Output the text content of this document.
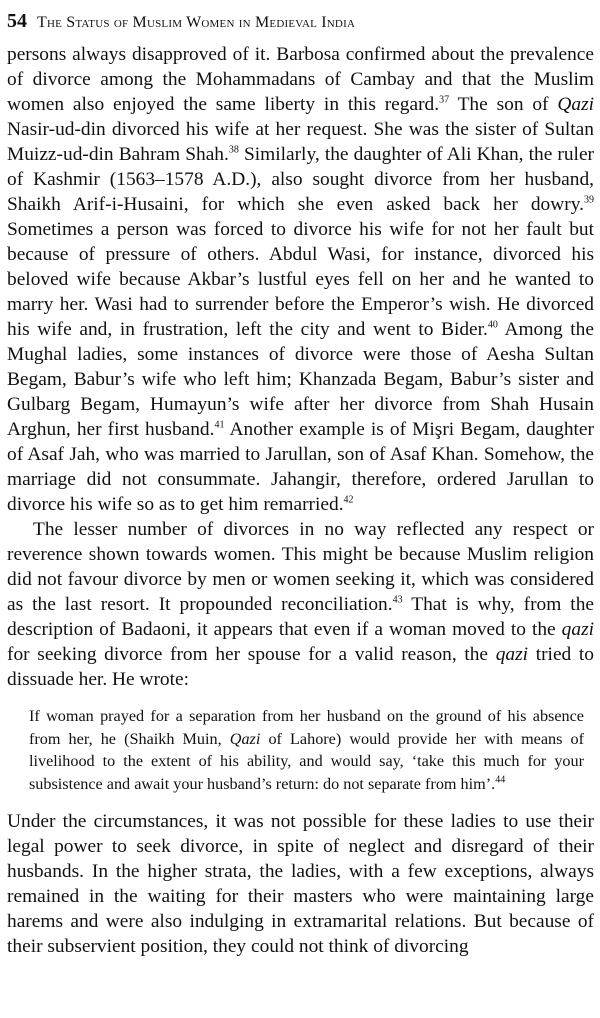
54 The Status of Muslim Women in Medieval India

persons always disapproved of it. Barbosa confirmed about the prevalence of divorce among the Mohammadans of Cambay and that the Muslim women also enjoyed the same liberty in this regard.$^{37}$ The son of Qazi Nasir-ud-din divorced his wife at her request. She was the sister of Sultan Muizz-ud-din Bahram Shah.$^{38}$ Similarly, the daughter of Ali Khan, the ruler of Kashmir (1563–1578 A.D.), also sought divorce from her husband, Shaikh Arif-i-Husaini, for which she even asked back her dowry.$^{39}$ Sometimes a person was forced to divorce his wife for not her fault but because of pressure of others. Abdul Wasi, for instance, divorced his beloved wife because Akbar’s lustful eyes fell on her and he wanted to marry her. Wasi had to surrender before the Emperor’s wish. He divorced his wife and, in frustration, left the city and went to Bider.$^{40}$ Among the Mughal ladies, some instances of divorce were those of Aesha Sultan Begam, Babur’s wife who left him; Khanzada Begam, Babur’s sister and Gulbarg Begam, Humayun’s wife after her divorce from Shah Husain Arghun, her first husband.$^{41}$ Another example is of Mişri Begam, daughter of Asaf Jah, who was married to Jarullan, son of Asaf Khan. Somehow, the marriage did not consummate. Jahangir, therefore, ordered Jarullan to divorce his wife so as to get him remarried.$^{42}$

The lesser number of divorces in no way reflected any respect or reverence shown towards women. This might be because Muslim religion did not favour divorce by men or women seeking it, which was considered as the last resort. It propounded reconciliation.$^{43}$ That is why, from the description of Badaoni, it appears that even if a woman moved to the qazi for seeking divorce from her spouse for a valid reason, the qazi tried to dissuade her. He wrote:

If woman prayed for a separation from her husband on the ground of his absence from her, he (Shaikh Muin, Qazi of Lahore) would provide her with means of livelihood to the extent of his ability, and would say, ‘take this much for your subsistence and await your husband’s return: do not separate from him’.$^{44}$

Under the circumstances, it was not possible for these ladies to use their legal power to seek divorce, in spite of neglect and disregard of their husbands. In the higher strata, the ladies, with a few exceptions, always remained in the waiting for their masters who were maintaining large harems and were also indulging in extramarital relations. But because of their subservient position, they could not think of divorcing
